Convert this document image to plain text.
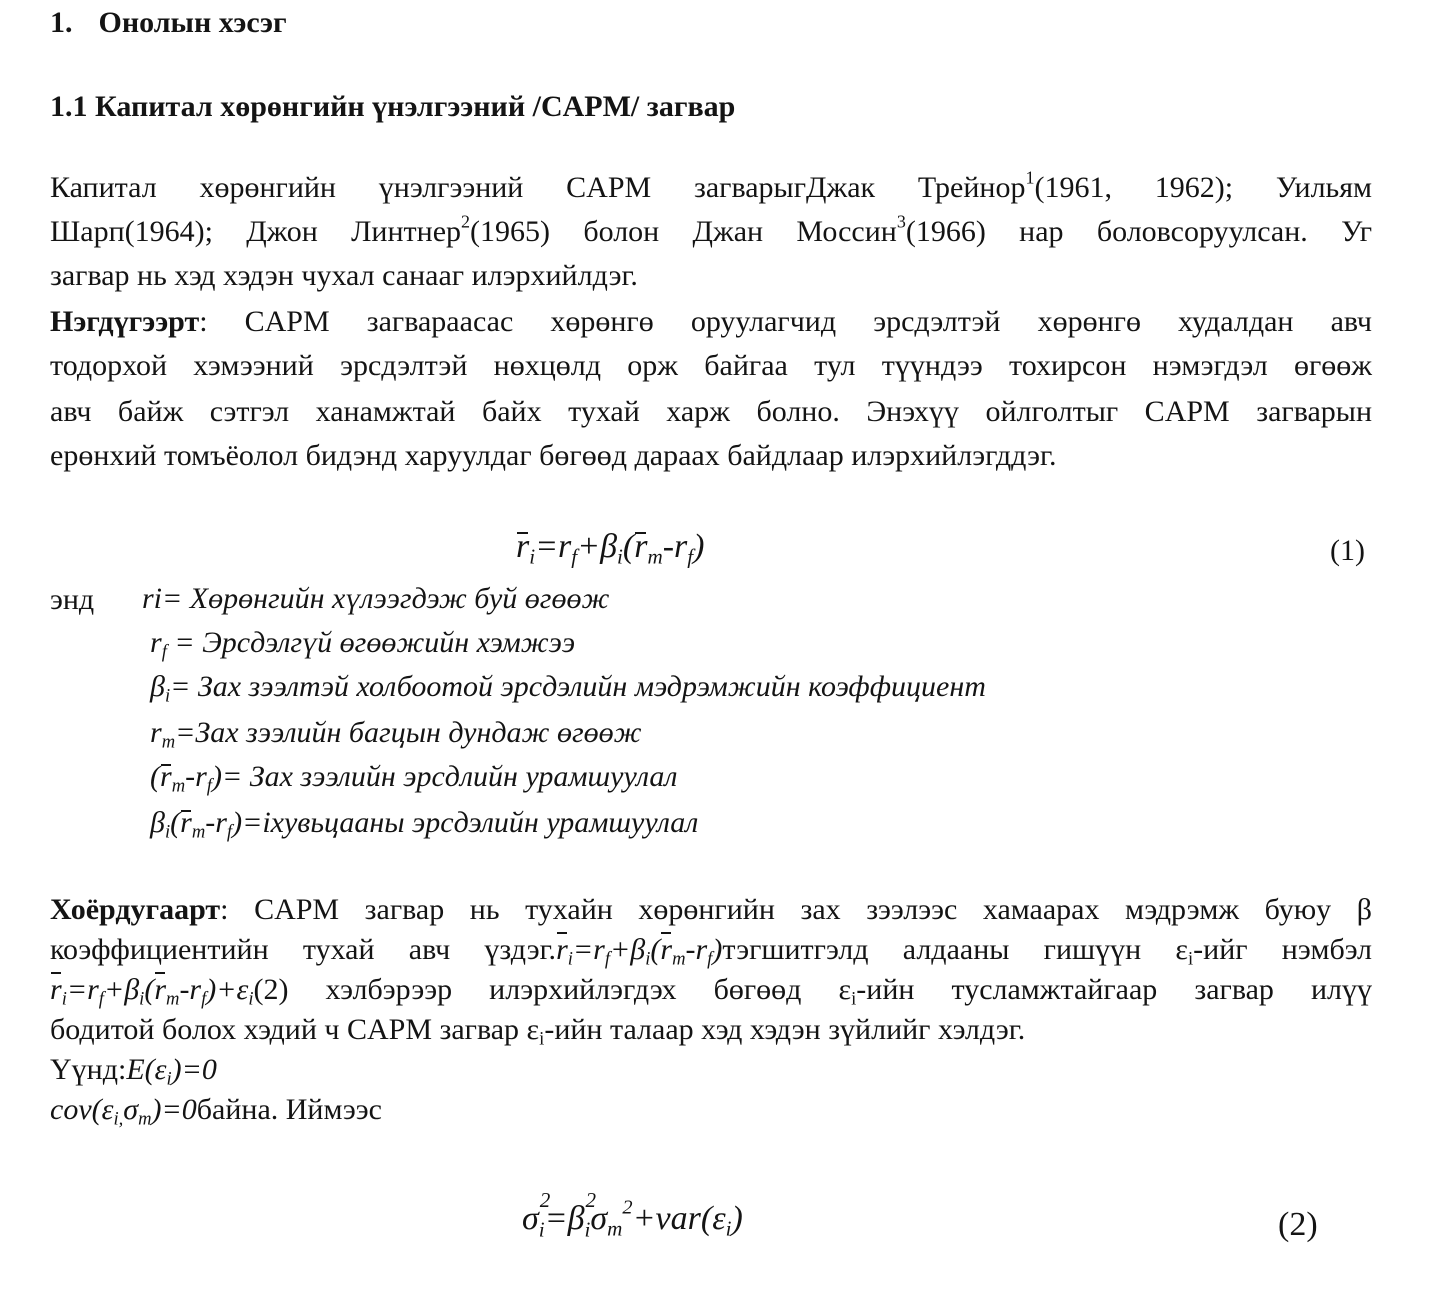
1. Онолын хэсэг
1.1 Капитал хөрөнгийн үнэлгээний /CAPM/ загвар
Капитал хөрөнгийн үнэлгээний CAPM загварыгДжак Трейнор$^1$(1961, 1962); Уильям
Шарп(1964); Джон Линтнер$^2$(1965) болон Джан Моссин$^3$(1966) нар боловсоруулсан. Уг
загвар нь хэд хэдэн чухал санааг илэрхийлдэг.
Нэгдүгээрт: CAPM загвараасас хөрөнгө оруулагчид эрсдэлтэй хөрөнгө худалдан авч
тодорхой хэмээний эрсдэлтэй нөхцөлд орж байгаа тул түүндээ тохирсон нэмэгдэл өгөөж
авч байж сэтгэл ханамжтай байх тухай харж болно. Энэхүү ойлголтыг CAPM загварын
ерөнхий томъёолол бидэнд харуулдаг бөгөөд дараах байдлаар илэрхийлэгддэг.
$r_i=r_f+\beta_i(r_m-r_f)$	(1)
энд ri= Хөрөнгийн хүлээгдэж буй өгөөж
$r_f$ = Эрсдэлгүй өгөөжийн хэмжээ
$\beta_i=$ Зах зээлтэй холбоотой эрсдэлийн мэдрэмжийн коэффициент
$r_m=Зах$ зээлийн багцын дундаж өгөөж
$(r_m-r_f)=$ Зах зээлийн эрсдлийн урамшуулал
$\beta_i(r_m-r_f)=iхувьцааны$ эрсдэлийн урамшуулал
Хоёрдугаарт: CAPM загвар нь тухайн хөрөнгийн зах зээлээс хамаарах мэдрэмж буюу β
коэффициентийн тухай авч $үздэг.r_i=r_f+\beta_i(r_m-r_f)тэгшитгэлд$ алдааны гишүүн $\varepsilon_i$-ийг нэмбэл
$r_i=r_f+\beta_i(r_m-r_f)+\varepsilon_i(2)$ хэлбэрээр илэрхийлэгдэх бөгөөд $\varepsilon_i$-ийн тусламжтайгаар загвар илүү
бодитой болох хэдий ч CAPM загвар $\varepsilon_i$-ийн талаар хэд хэдэн зүйлийг хэлдэг.
$Үүнд:E(\varepsilon_i)=0$
$cov(\varepsilon_{i,}\sigma_m)=0байна$. Иймээс
σ 2
$_i$=β 2
$_i\sigma_m^2+var(\varepsilon_i)$	(2)
